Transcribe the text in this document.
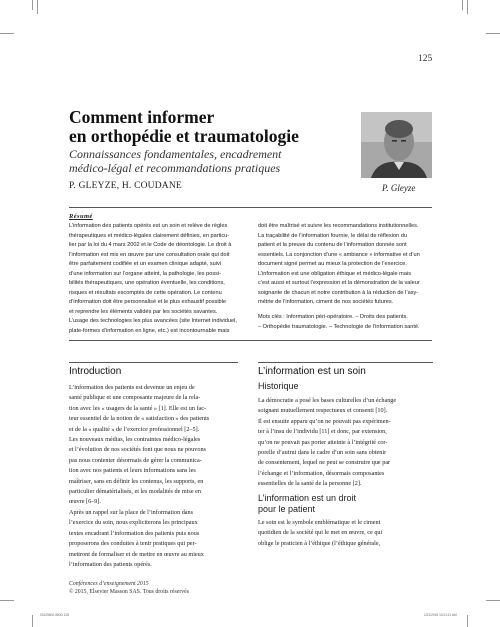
125
Comment informer
en orthopédie et traumatologie
Connaissances fondamentales, encadrement
médico-légal et recommandations pratiques
P. GLEYZE, H. COUDANE	P. Gleyze
Résumé
L’information des patients opérés est un soin et relève de règles
thérapeutiques et médico-légales clairement définies, en particu-
lier par la loi du 4 mars 2002 et le Code de déontologie. Le droit à
l’information est mis en œuvre par une consultation orale qui doit
être parfaitement codifiée et un examen clinique adapté, suivi
d’une information sur l’organe atteint, la pathologie, les possi-
bilités thérapeutiques, une opération éventuelle, les conditions,
risques et résultats escomptés de cette opération. Le contenu
d’information doit être personnalisé et le plus exhaustif possible
et reprendre les éléments validés par les sociétés savantes.
L’usage des technologies les plus avancées (site Internet individuel,
plate-formes d’information en ligne, etc.) est incontournable mais
doit être maîtrisé et suivre les recommandations institutionnelles.
La traçabilité de l’information fournie, le délai de réflexion du
patient et la preuve du contenu de l’information donnée sont
essentiels. La conjonction d’une « ambiance » informative et d’un
document signé permet au mieux la protection de l’exercice.
L’information est une obligation éthique et médico-légale mais
c’est aussi et surtout l’expression et la démonstration de la valeur
soignante de chacun et notre contribution à la réduction de l’asy-
métrie de l’information, ciment de nos sociétés futures.
Mots clés : Information péri-opératoire. – Droits des patients.
– Orthopédie traumatologie. – Technologie de l’information santé.
Introduction
L’information des patients est devenue un enjeu de
santé publique et une composante majeure de la rela-
tion avec les « usagers de la santé » [1]. Elle est un fac-
teur essentiel de la notion de « satisfaction » des patients
et de la « qualité » de l’exercice professionnel [2–5].
Les nouveaux médias, les contraintes médico-légales
et l’évolution de nos sociétés font que nous ne pouvons
pas nous contenter désormais de gérer la communica-
tion avec nos patients et leurs informations sans les
maîtriser, sans en définir les contenus, les supports, en
particulier dématérialisés, et les modalités de mise en
œuvre [6–9].
Après un rappel sur la place de l’information dans
l’exercice du soin, nous expliciterons les principaux
textes encadrant l’information des patients puis nous
proposerons des conduites à tenir pratiques qui per-
mettront de formaliser et de mettre en œuvre au mieux
l’information des patients opérés.
L’information est un soin
Historique
La démocratie a posé les bases culturelles d’un échange
soignant mutuellement respectueux et consenti [10].
Il est ensuite apparu qu’on ne pouvait pas expérimen-
ter à l’insu de l’individu [11] et donc, par extension,
qu’on ne pouvait pas porter atteinte à l’intégrité cor-
porelle d’autrui dans le cadre d’un soin sans obtenir
de consentement, lequel ne peut se construire que par
l’échange et l’information, désormais composantes
essentielles de la santé de la personne [2].
L’information est un droit
pour le patient
Le soin est le symbole emblématique et le ciment
quotidien de la société qui le met en œuvre, ce qui
oblige le praticien à l’éthique (l’éthique générale,
Conférences d’enseignement 2015
© 2015, Elsevier Masson SAS. Tous droits réservés
00125602.INDD 125	1/21/2015 10:21:11 AM
